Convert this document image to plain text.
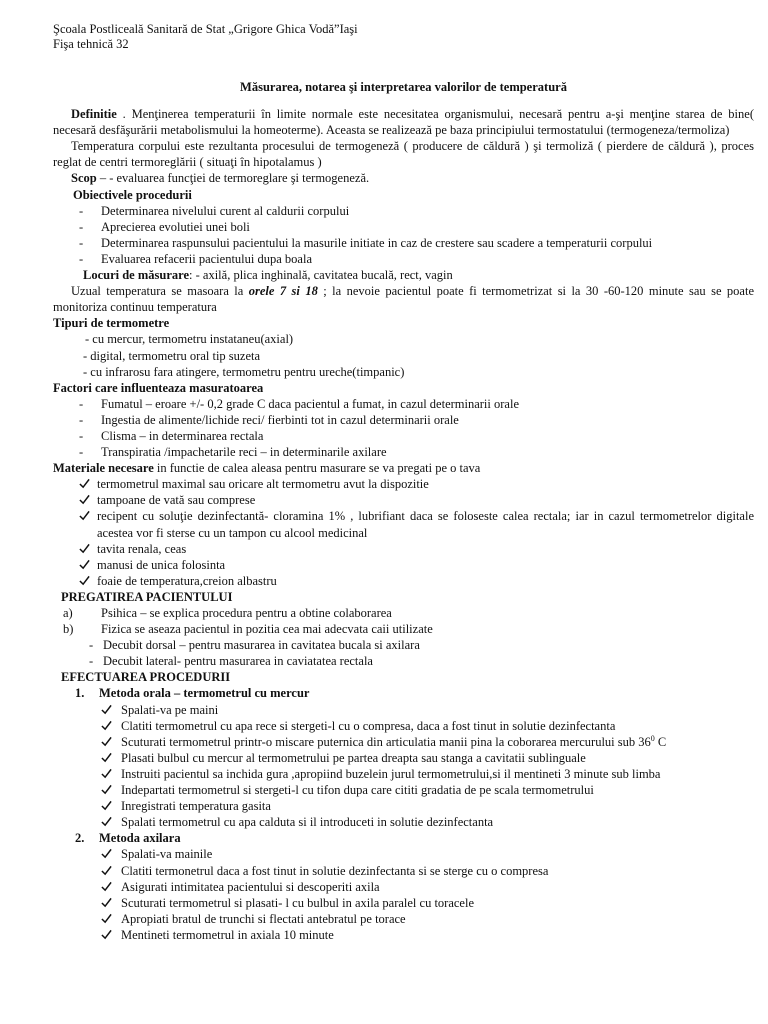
Şcoala Postliceală Sanitară de Stat „Grigore Ghica Vodă”Iaşi

Fişa tehnică 32

Măsurarea, notarea şi interpretarea valorilor de temperatură

Definitie . Menţinerea temperaturii în limite normale este necesitatea organismului, necesară pentru a-şi menţine starea de bine( necesară desfăşurării metabolismului la homeoterme). Aceasta se realizează pe baza principiului termostatului (termogeneza/termoliza)

Temperatura corpului este rezultanta procesului de termogeneză ( producere de căldură ) şi termoliză ( pierdere de căldură ), proces reglat de centri termoreglării ( situaţi în hipotalamus )

Scop – - evaluarea funcţiei de termoreglare şi termogeneză.

Obiectivele procedurii

- Determinarea nivelului curent al caldurii corpului
- Aprecierea evolutiei unei boli
- Determinarea raspunsului pacientului la masurile initiate in caz de crestere sau scadere a temperaturii corpului
- Evaluarea refacerii pacientului dupa boala

Locuri de măsurare: - axilă, plica inghinală, cavitatea bucală, rect, vagin

Uzual temperatura se masoara la orele 7 si 18 ; la nevoie pacientul poate fi termometrizat si la 30 -60-120 minute sau se poate monitoriza continuu temperatura

Tipuri de termometre

- cu mercur, termometru instataneu(axial)

- digital, termometru oral tip suzeta

- cu infrarosu fara atingere, termometru pentru ureche(timpanic)

Factori care influenteaza masuratoarea

- Fumatul – eroare +/- 0,2 grade C daca pacientul a fumat, in cazul determinarii orale
- Ingestia de alimente/lichide reci/ fierbinti tot in cazul determinarii orale
- Clisma – in determinarea rectala
- Transpiratia /impachetarile reci – in determinarile axilare

Materiale necesare in functie de calea aleasa pentru masurare se va pregati pe o tava

termometrul maximal sau oricare alt termometru avut la dispozitie
tampoane de vată sau comprese
recipent cu soluţie dezinfectantă- cloramina 1% , lubrifiant daca se foloseste calea rectala; iar in cazul termometrelor digitale acestea vor fi sterse cu un tampon cu alcool medicinal
tavita renala, ceas
manusi de unica folosinta
foaie de temperatura,creion albastru

PREGATIREA PACIENTULUI

a) Psihica – se explica procedura pentru a obtine colaborarea
b) Fizica se aseaza pacientul in pozitia cea mai adecvata caii utilizate
- Decubit dorsal – pentru masurarea in cavitatea bucala si axilara
- Decubit lateral- pentru masurarea in caviatatea rectala

EFECTUAREA PROCEDURII

1. Metoda orala – termometrul cu mercur
Spalati-va pe maini
Clatiti termometrul cu apa rece si stergeti-l cu o compresa, daca a fost tinut in solutie dezinfectanta
Scuturati termometrul printr-o miscare puternica din articulatia manii pina la coborarea mercurului sub $36^0$ C
Plasati bulbul cu mercur al termometrului pe partea dreapta sau stanga a cavitatii sublinguale
Instruiti pacientul sa inchida gura ,apropiind buzelein jurul termometrului,si il mentineti 3 minute sub limba
Indepartati termometrul si stergeti-l cu tifon dupa care cititi gradatia de pe scala termometrului
Inregistrati temperatura gasita
Spalati termometrul cu apa calduta si il introduceti in solutie dezinfectanta
2. Metoda axilara
Spalati-va mainile
Clatiti termonetrul daca a fost tinut in solutie dezinfectanta si se sterge cu o compresa
Asigurati intimitatea pacientului si descoperiti axila
Scuturati termometrul si plasati- l cu bulbul in axila paralel cu toracele
Apropiati bratul de trunchi si flectati antebratul pe torace
Mentineti termometrul in axiala 10 minute
